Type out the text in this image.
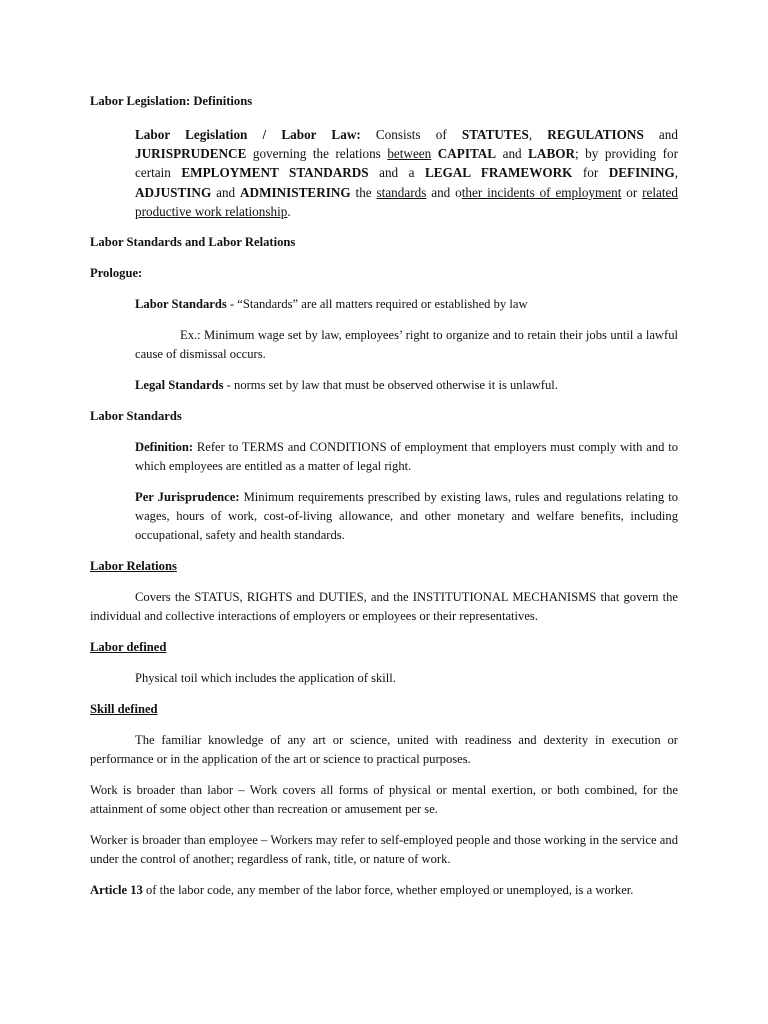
Labor Legislation: Definitions

Labor Legislation / Labor Law: Consists of STATUTES, REGULATIONS and JURISPRUDENCE governing the relations between CAPITAL and LABOR; by providing for certain EMPLOYMENT STANDARDS and a LEGAL FRAMEWORK for DEFINING, ADJUSTING and ADMINISTERING the standards and other incidents of employment or related productive work relationship.

Labor Standards and Labor Relations

Prologue:

Labor Standards - “Standards” are all matters required or established by law

Ex.: Minimum wage set by law, employees’ right to organize and to retain their jobs until a lawful cause of dismissal occurs.

Legal Standards - norms set by law that must be observed otherwise it is unlawful.

Labor Standards

Definition: Refer to TERMS and CONDITIONS of employment that employers must comply with and to which employees are entitled as a matter of legal right.

Per Jurisprudence: Minimum requirements prescribed by existing laws, rules and regulations relating to wages, hours of work, cost-of-living allowance, and other monetary and welfare benefits, including occupational, safety and health standards.

Labor Relations

Covers the STATUS, RIGHTS and DUTIES, and the INSTITUTIONAL MECHANISMS that govern the individual and collective interactions of employers or employees or their representatives.

Labor defined

Physical toil which includes the application of skill.

Skill defined

The familiar knowledge of any art or science, united with readiness and dexterity in execution or performance or in the application of the art or science to practical purposes.

Work is broader than labor – Work covers all forms of physical or mental exertion, or both combined, for the attainment of some object other than recreation or amusement per se.

Worker is broader than employee – Workers may refer to self-employed people and those working in the service and under the control of another; regardless of rank, title, or nature of work.

Article 13 of the labor code, any member of the labor force, whether employed or unemployed, is a worker.
